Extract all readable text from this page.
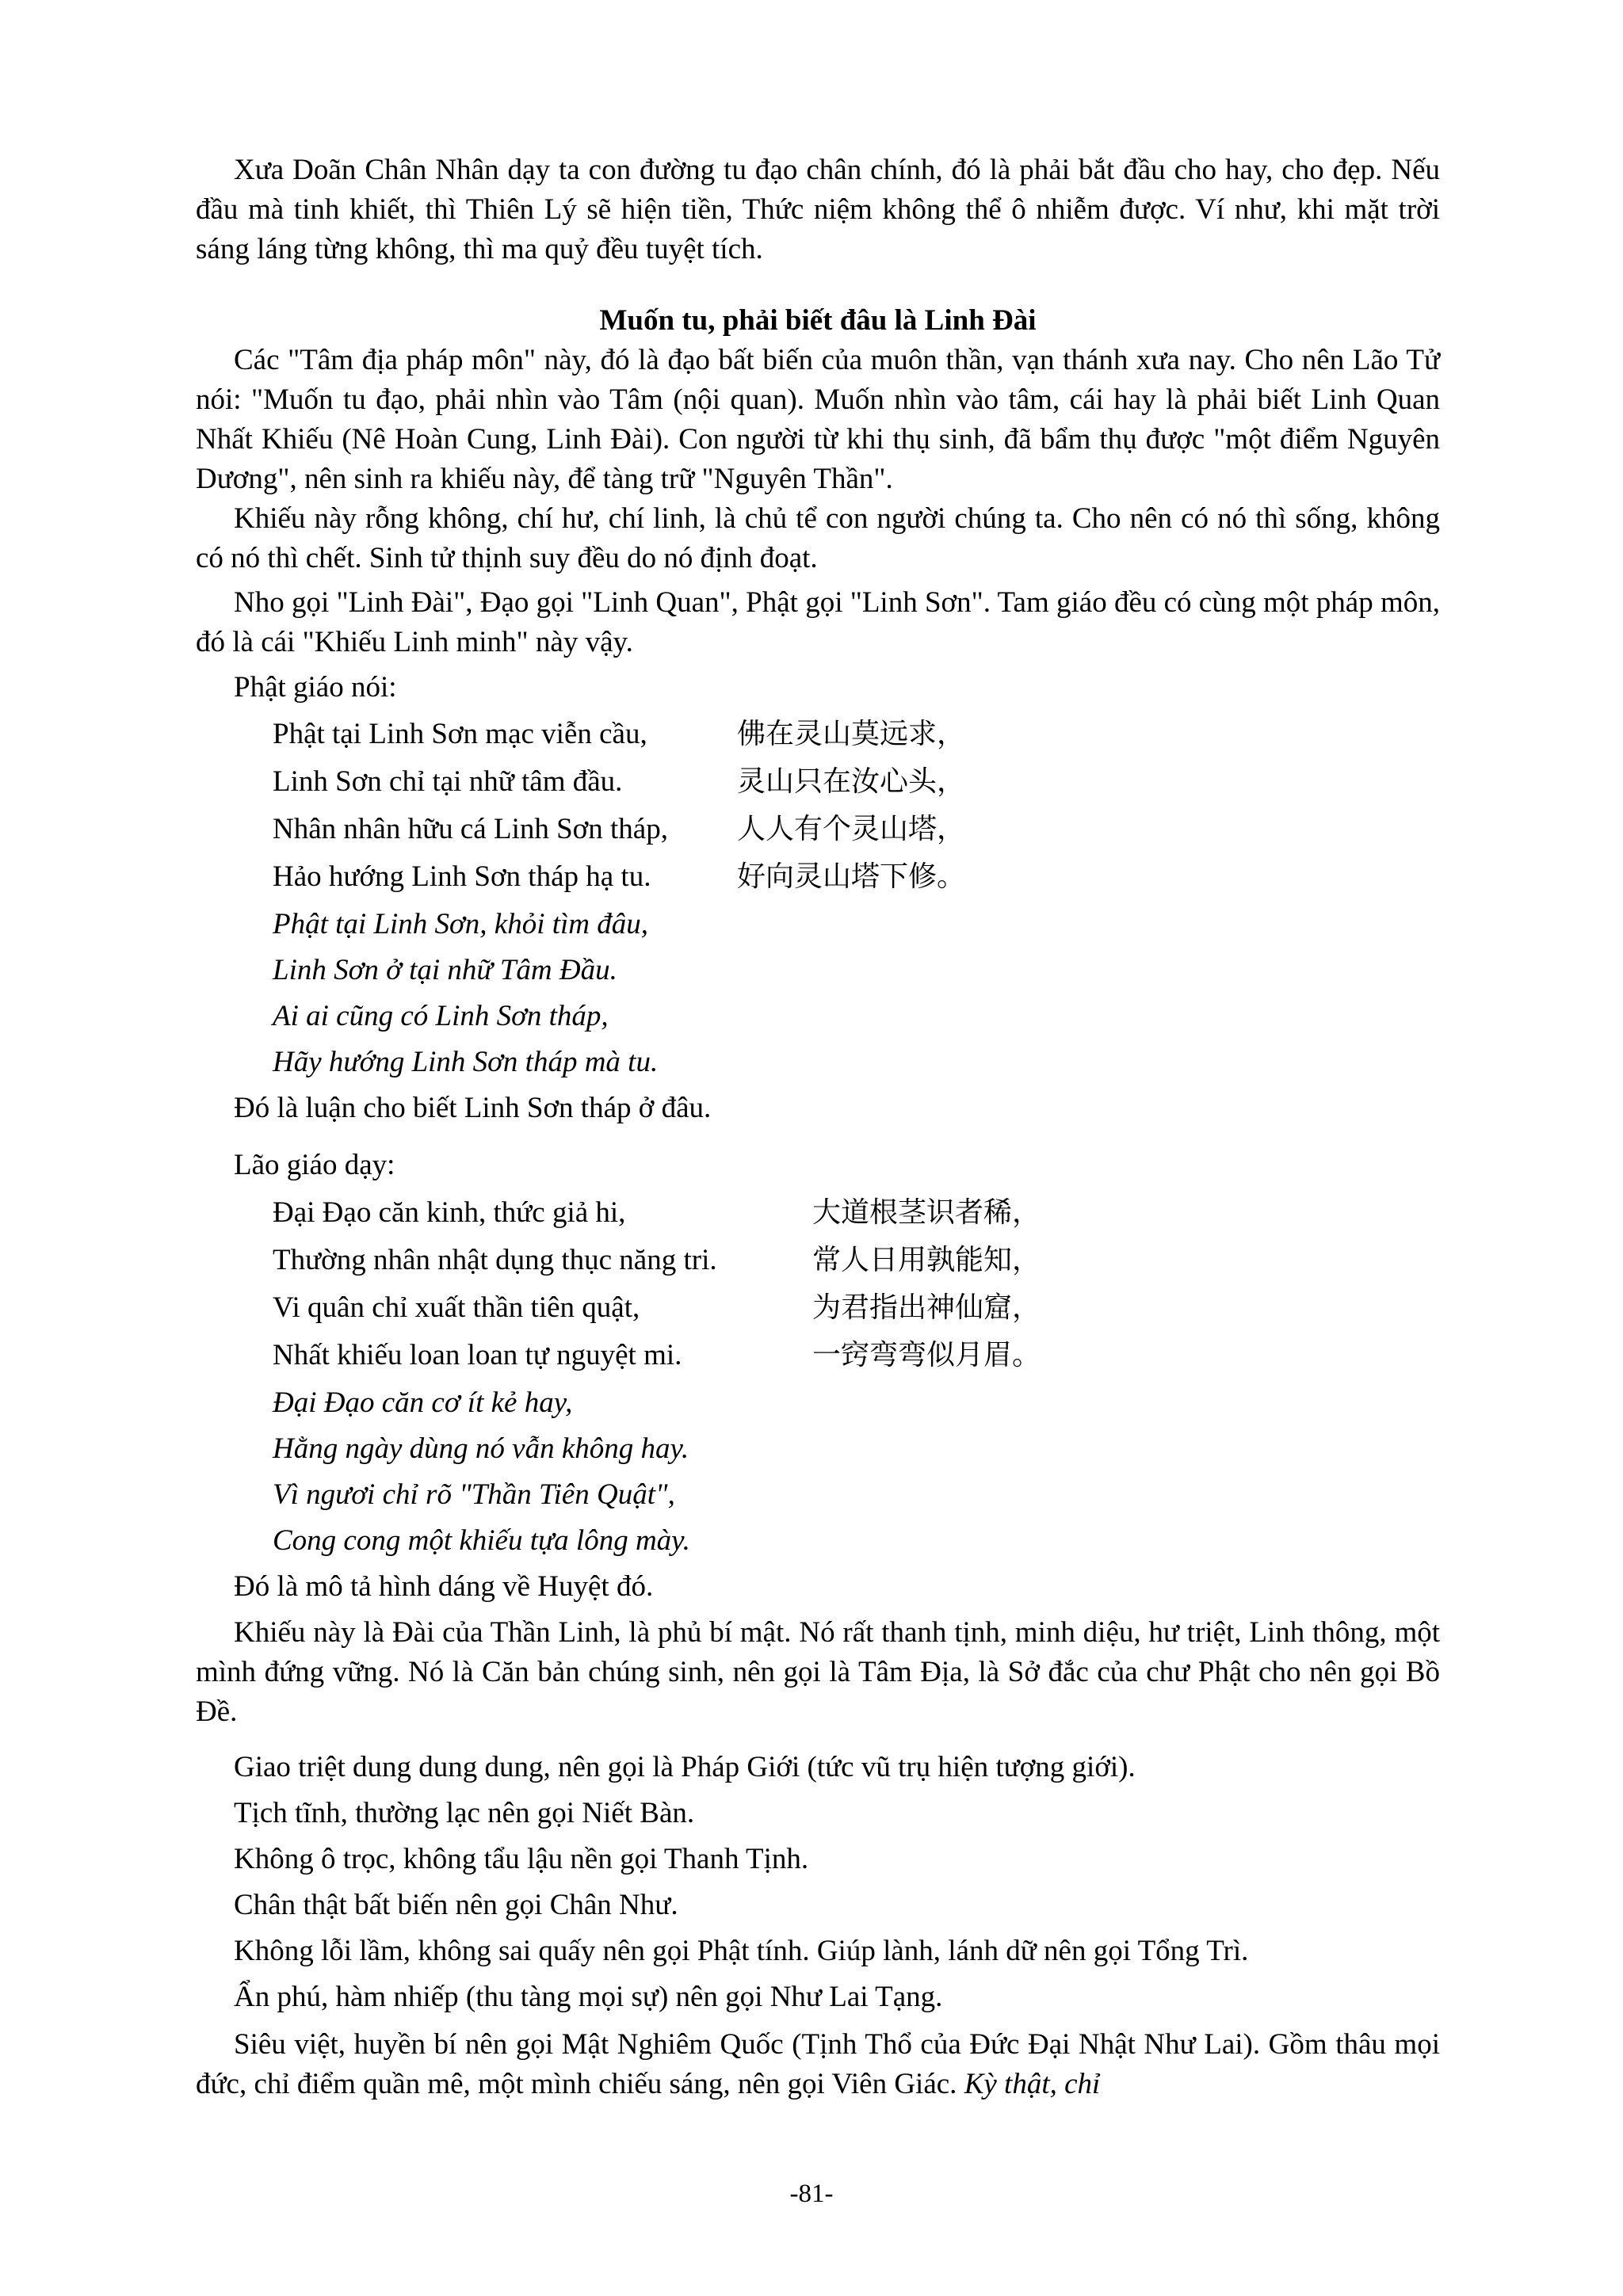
Xưa Doãn Chân Nhân dạy ta con đường tu đạo chân chính, đó là phải bắt đầu cho hay, cho đẹp. Nếu đầu mà tinh khiết, thì Thiên Lý sẽ hiện tiền, Thức niệm không thể ô nhiễm được. Ví như, khi mặt trời sáng láng từng không, thì ma quỷ đều tuyệt tích.

Muốn tu, phải biết đâu là Linh Đài

Các "Tâm địa pháp môn" này, đó là đạo bất biến của muôn thần, vạn thánh xưa nay. Cho nên Lão Tử nói: "Muốn tu đạo, phải nhìn vào Tâm (nội quan). Muốn nhìn vào tâm, cái hay là phải biết Linh Quan Nhất Khiếu (Nê Hoàn Cung, Linh Đài). Con người từ khi thụ sinh, đã bẩm thụ được "một điểm Nguyên Dương", nên sinh ra khiếu này, để tàng trữ "Nguyên Thần".

Khiếu này rỗng không, chí hư, chí linh, là chủ tể con người chúng ta. Cho nên có nó thì sống, không có nó thì chết. Sinh tử thịnh suy đều do nó định đoạt.

Nho gọi "Linh Đài", Đạo gọi "Linh Quan", Phật gọi "Linh Sơn". Tam giáo đều có cùng một pháp môn, đó là cái "Khiếu Linh minh" này vậy.

Phật giáo nói:

Phật tại Linh Sơn mạc viễn cầu,	佛在灵山莫远求，

Linh Sơn chỉ tại nhữ tâm đầu.	灵山只在汝心头，

Nhân nhân hữu cá Linh Sơn tháp, 人人有个灵山塔，

Hảo hướng Linh Sơn tháp hạ tu.	好向灵山塔下修。

Phật tại Linh Sơn, khỏi tìm đâu,

Linh Sơn ở tại nhữ Tâm Đầu.

Ai ai cũng có Linh Sơn tháp,

Hãy hướng Linh Sơn tháp mà tu.

Đó là luận cho biết Linh Sơn tháp ở đâu.

Lão giáo dạy:

Đại Đạo căn kinh, thức giả hi,	大道根茎识者稀，

Thường nhân nhật dụng thục năng tri.	常人日用孰能知，

Vi quân chỉ xuất thần tiên quật,	为君指出神仙窟，

Nhất khiếu loan loan tự nguyệt mi.	一窍弯弯似月眉。

Đại Đạo căn cơ ít kẻ hay,

Hằng ngày dùng nó vẫn không hay.

Vì ngươi chỉ rõ "Thần Tiên Quật",

Cong cong một khiếu tựa lông mày.

Đó là mô tả hình dáng về Huyệt đó.

Khiếu này là Đài của Thần Linh, là phủ bí mật. Nó rất thanh tịnh, minh diệu, hư triệt, Linh thông, một mình đứng vững. Nó là Căn bản chúng sinh, nên gọi là Tâm Địa, là Sở đắc của chư Phật cho nên gọi Bồ Đề.

Giao triệt dung dung dung, nên gọi là Pháp Giới (tức vũ trụ hiện tượng giới).

Tịch tĩnh, thường lạc nên gọi Niết Bàn.

Không ô trọc, không tẩu lậu nền gọi Thanh Tịnh.

Chân thật bất biến nên gọi Chân Như.

Không lỗi lầm, không sai quấy nên gọi Phật tính. Giúp lành, lánh dữ nên gọi Tổng Trì.

Ẩn phú, hàm nhiếp (thu tàng mọi sự) nên gọi Như Lai Tạng.

Siêu việt, huyền bí nên gọi Mật Nghiêm Quốc (Tịnh Thổ của Đức Đại Nhật Như Lai). Gồm thâu mọi đức, chỉ điểm quần mê, một mình chiếu sáng, nên gọi Viên Giác. Kỳ thật, chỉ

-81-
